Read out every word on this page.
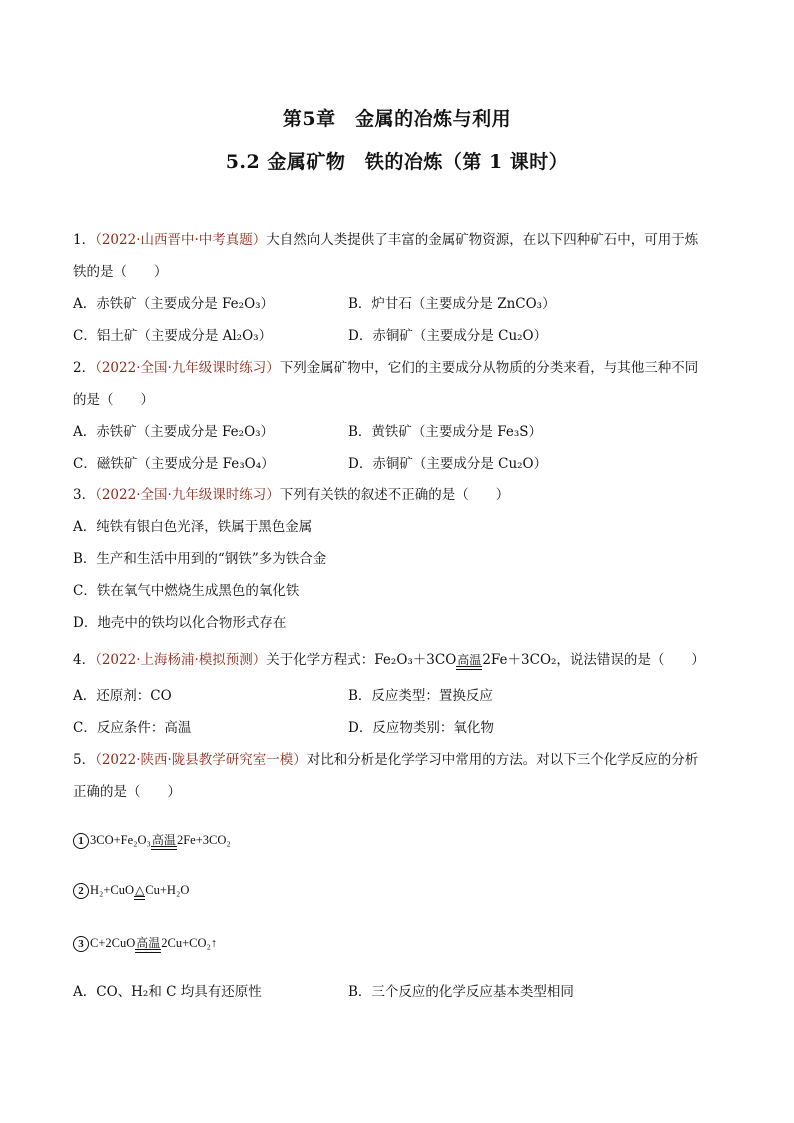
第5章　金属的冶炼与利用
5.2 金属矿物　铁的冶炼（第 1 课时）
1．（2022·山西晋中·中考真题）大自然向人类提供了丰富的金属矿物资源，在以下四种矿石中，可用于炼
铁的是（　　）
A．赤铁矿（主要成分是 Fe₂O₃）	B．炉甘石（主要成分是 ZnCO₃）
C．铝土矿（主要成分是 Al₂O₃）	D．赤铜矿（主要成分是 Cu₂O）
2．（2022·全国·九年级课时练习）下列金属矿物中，它们的主要成分从物质的分类来看，与其他三种不同
的是（　　）
A．赤铁矿（主要成分是 Fe₂O₃）	B．黄铁矿（主要成分是 Fe₃S）
C．磁铁矿（主要成分是 Fe₃O₄）	D．赤铜矿（主要成分是 Cu₂O）
3．（2022·全国·九年级课时练习）下列有关铁的叙述不正确的是（　　）
A．纯铁有银白色光泽，铁属于黑色金属
B．生产和生活中用到的“钢铁”多为铁合金
C．铁在氧气中燃烧生成黑色的氧化铁
D．地壳中的铁均以化合物形式存在
4．（2022·上海杨浦·模拟预测）关于化学方程式：Fe₂O₃＋3CO 高温 2Fe＋3CO₂，说法错误的是（　　）
A．还原剂：CO	B．反应类型：置换反应
C．反应条件：高温	D．反应物类别：氧化物
5．（2022·陕西·陇县教学研究室一模）对比和分析是化学学习中常用的方法。对以下三个化学反应的分析
正确的是（　　）
1 3CO+Fe₂O₃ 高温 2Fe+3CO₂
2 H₂+CuO △ Cu+H₂O
3 C+2CuO 高温 2Cu+CO₂↑
A．CO、H₂和 C 均具有还原性	B．三个反应的化学反应基本类型相同
